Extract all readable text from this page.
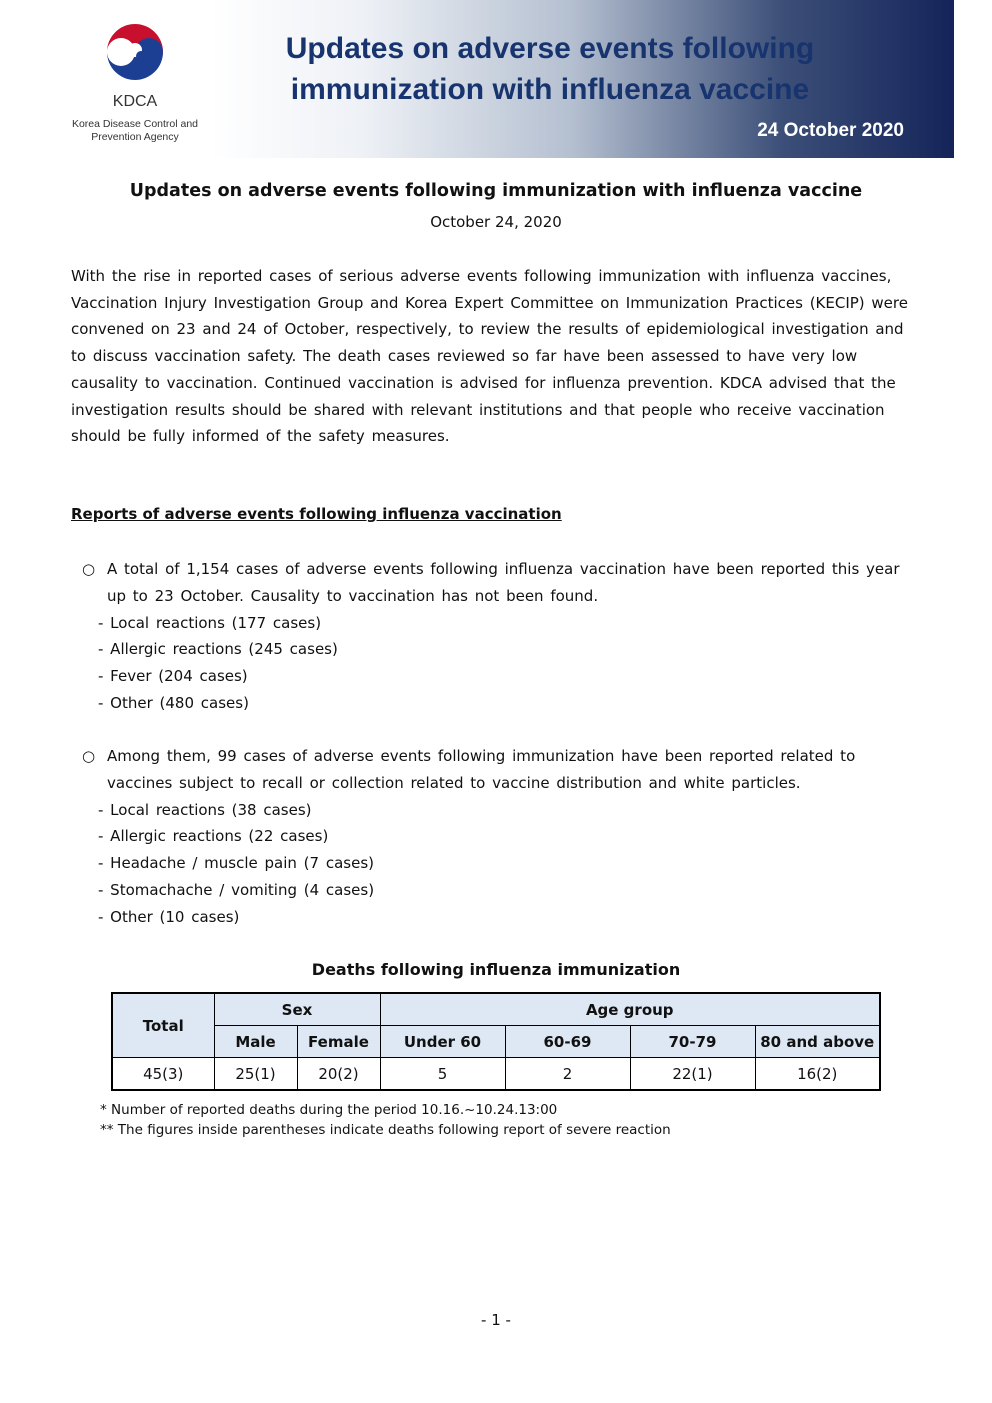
KDCA
Korea Disease Control and
Prevention Agency
Updates on adverse events following
immunization with influenza vaccine
24 October 2020
Updates on adverse events following immunization with influenza vaccine
October 24, 2020

With the rise in reported cases of serious adverse events following immunization with influenza vaccines, Vaccination Injury Investigation Group and Korea Expert Committee on Immunization Practices (KECIP) were convened on 23 and 24 of October, respectively, to review the results of epidemiological investigation and to discuss vaccination safety. The death cases reviewed so far have been assessed to have very low causality to vaccination. Continued vaccination is advised for influenza prevention. KDCA advised that the investigation results should be shared with relevant institutions and that people who receive vaccination should be fully informed of the safety measures.

Reports of adverse events following influenza vaccination
○ A total of 1,154 cases of adverse events following influenza vaccination have been reported this year up to 23 October. Causality to vaccination has not been found.
- Local reactions (177 cases)
- Allergic reactions (245 cases)
- Fever (204 cases)
- Other (480 cases)
○ Among them, 99 cases of adverse events following immunization have been reported related to vaccines subject to recall or collection related to vaccine distribution and white particles.
- Local reactions (38 cases)
- Allergic reactions (22 cases)
- Headache / muscle pain (7 cases)
- Stomachache / vomiting (4 cases)
- Other (10 cases)
Deaths following influenza immunization
Total	Sex		Age group			
	Male	Female	Under 60	60-69	70-79	80 and above
45(3)	25(1)	20(2)	5	2	22(1)	16(2)
* Number of reported deaths during the period 10.16.~10.24.13:00
** The figures inside parentheses indicate deaths following report of severe reaction
- 1 -
